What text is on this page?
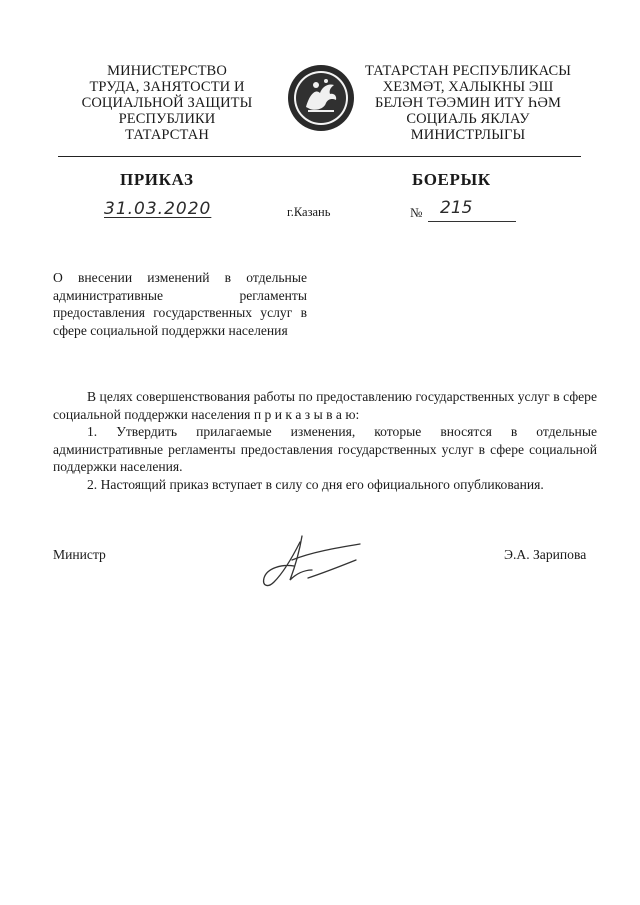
МИНИСТЕРСТВО
ТРУДА, ЗАНЯТОСТИ И
СОЦИАЛЬНОЙ ЗАЩИТЫ
РЕСПУБЛИКИ
ТАТАРСТАН
ТАТАРСТАН РЕСПУБЛИКАСЫ
ХЕЗМӘТ, ХАЛЫКНЫ ЭШ
БЕЛӘН ТӘЭМИН ИТҮ ҺӘМ
СОЦИАЛЬ ЯКЛАУ
МИНИСТРЛЫГЫ
ПРИКАЗ	БОЕРЫК
31.03.2020	г.Казань	№ 215
О внесении изменений в отдельные административные регламенты предоставления государственных услуг в сфере социальной поддержки населения

В целях совершенствования работы по предоставлению государственных услуг в сфере социальной поддержки населения п р и к а з ы в а ю:

1. Утвердить прилагаемые изменения, которые вносятся в отдельные административные регламенты предоставления государственных услуг в сфере социальной поддержки населения.

2. Настоящий приказ вступает в силу со дня его официального опубликования.

Министр	Э.А. Зарипова
